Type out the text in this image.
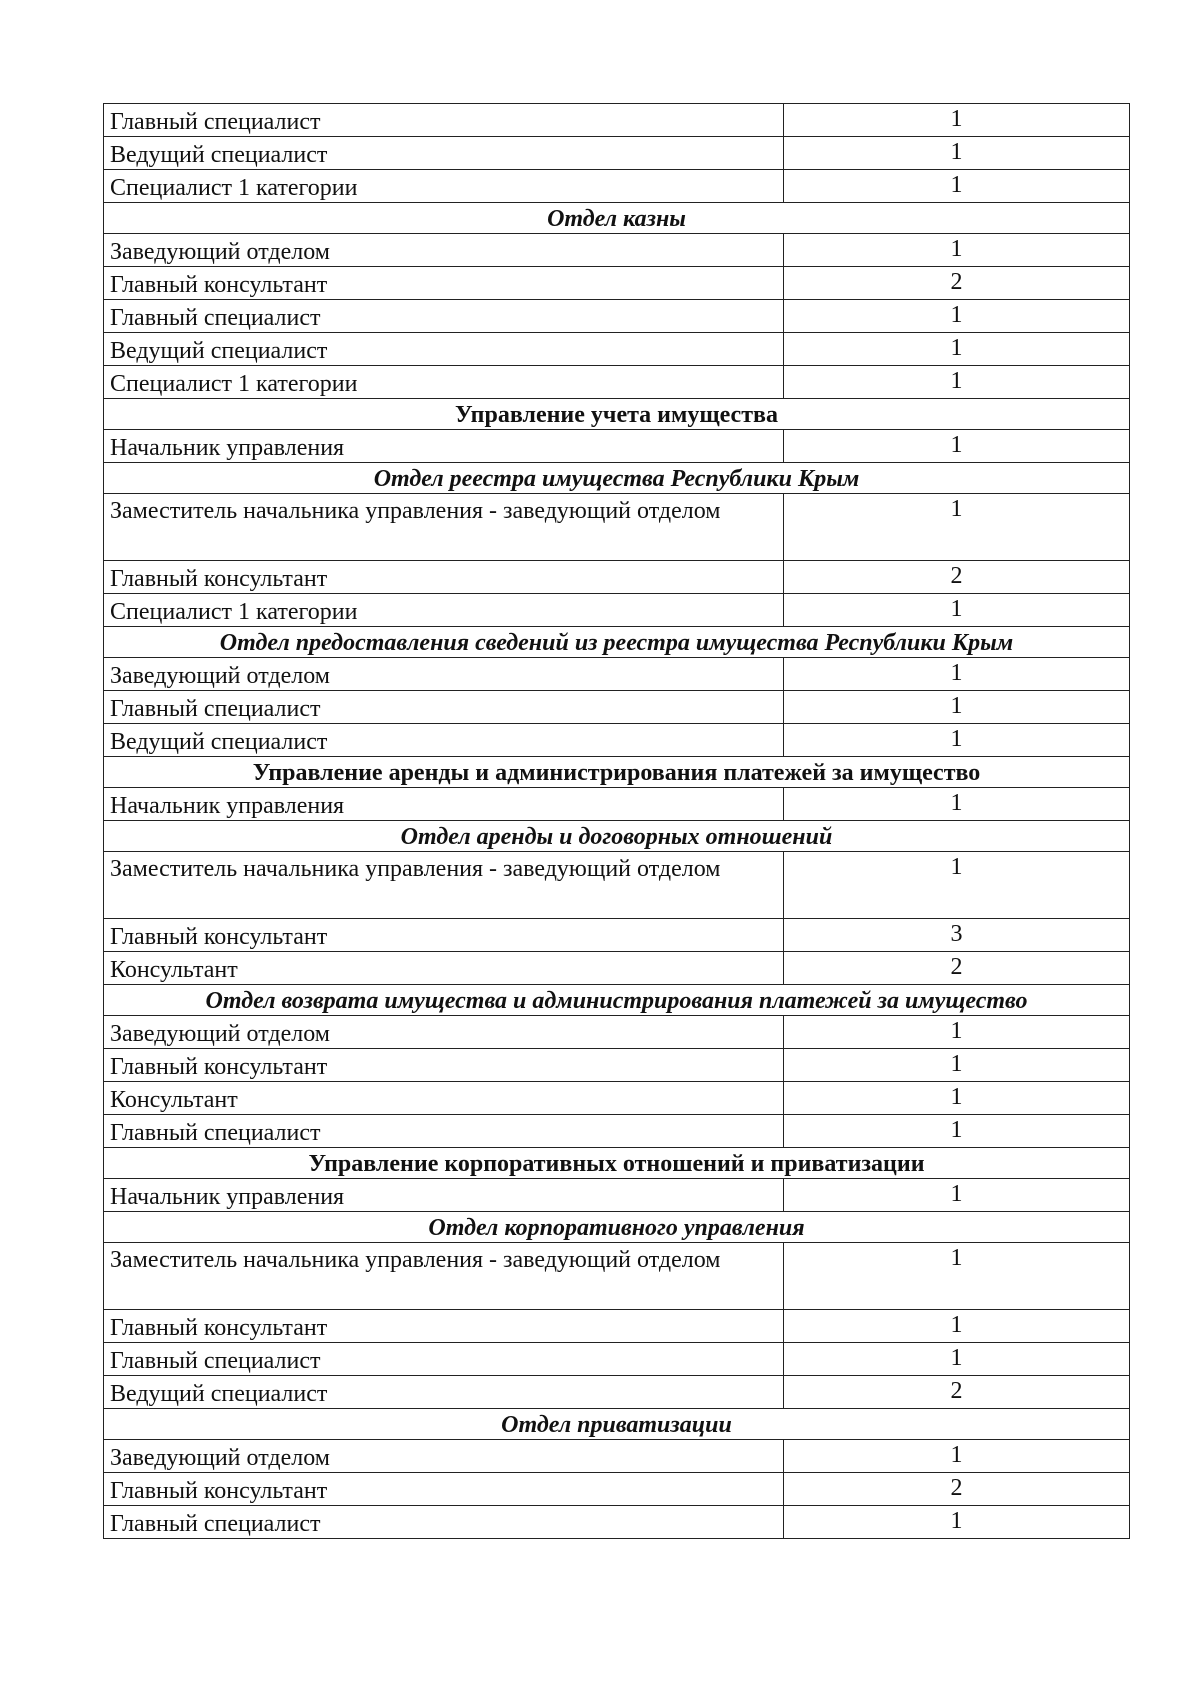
Главный специалист	1
Ведущий специалист	1
Специалист 1 категории	1
Отдел казны	
Заведующий отделом	1
Главный консультант	2
Главный специалист	1
Ведущий специалист	1
Специалист 1 категории	1
Управление учета имущества	
Начальник управления	1
Отдел реестра имущества Республики Крым	
Заместитель начальника управления - заведующий отделом	1
Главный консультант	2
Специалист 1 категории	1
Отдел предоставления сведений из реестра имущества Республики Крым	
Заведующий отделом	1
Главный специалист	1
Ведущий специалист	1
Управление аренды и администрирования платежей за имущество	
Начальник управления	1
Отдел аренды и договорных отношений	
Заместитель начальника управления - заведующий отделом	1
Главный консультант	3
Консультант	2
Отдел возврата имущества и администрирования платежей за имущество	
Заведующий отделом	1
Главный консультант	1
Консультант	1
Главный специалист	1
Управление корпоративных отношений и приватизации	
Начальник управления	1
Отдел корпоративного управления	
Заместитель начальника управления - заведующий отделом	1
Главный консультант	1
Главный специалист	1
Ведущий специалист	2
Отдел приватизации	
Заведующий отделом	1
Главный консультант	2
Главный специалист	1
